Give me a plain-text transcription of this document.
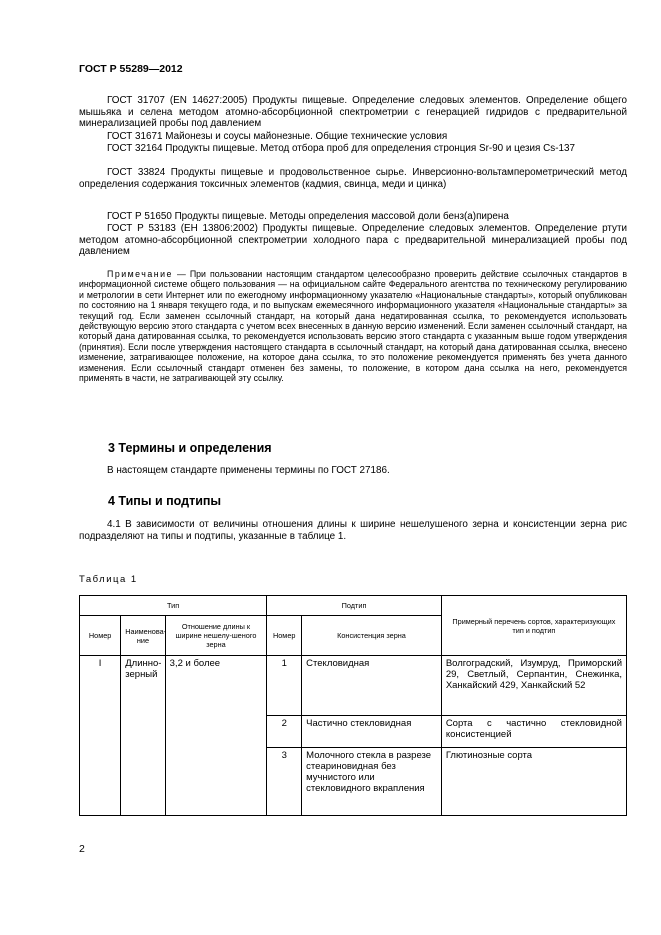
ГОСТ Р 55289—2012
ГОСТ 31707 (EN 14627:2005) Продукты пищевые. Определение следовых элементов. Определение общего мышьяка и селена методом атомно-абсорбционной спектрометрии с генерацией гидридов с предварительной минерализацией пробы под давлением
ГОСТ 31671 Майонезы и соусы майонезные. Общие технические условия
ГОСТ 32164 Продукты пищевые. Метод отбора проб для определения стронция Sr-90 и цезия Cs-137
ГОСТ 33824 Продукты пищевые и продовольственное сырье. Инверсионно-вольтамперометрический метод определения содержания токсичных элементов (кадмия, свинца, меди и цинка)
ГОСТ Р 51650 Продукты пищевые. Методы определения массовой доли бенз(а)пирена
ГОСТ Р 53183 (ЕН 13806:2002) Продукты пищевые. Определение следовых элементов. Определение ртути методом атомно-абсорбционной спектрометрии холодного пара с предварительной минерализацией пробы под давлением
Примечание — При пользовании настоящим стандартом целесообразно проверить действие ссылочных стандартов в информационной системе общего пользования — на официальном сайте Федерального агентства по техническому регулированию и метрологии в сети Интернет или по ежегодному информационному указателю «Национальные стандарты», который опубликован по состоянию на 1 января текущего года, и по выпускам ежемесячного информационного указателя «Национальные стандарты» за текущий год. Если заменен ссылочный стандарт, на который дана недатированная ссылка, то рекомендуется использовать действующую версию этого стандарта с учетом всех внесенных в данную версию изменений. Если заменен ссылочный стандарт, на который дана датированная ссылка, то рекомендуется использовать версию этого стандарта с указанным выше годом утверждения (принятия). Если после утверждения настоящего стандарта в ссылочный стандарт, на который дана датированная ссылка, внесено изменение, затрагивающее положение, на которое дана ссылка, то это положение рекомендуется применять без учета данного изменения. Если ссылочный стандарт отменен без замены, то положение, в котором дана ссылка на него, рекомендуется применять в части, не затрагивающей эту ссылку.
3 Термины и определения
В настоящем стандарте применены термины по ГОСТ 27186.
4 Типы и подтипы
4.1 В зависимости от величины отношения длины к ширине нешелушеного зерна и консистенции зерна рис подразделяют на типы и подтипы, указанные в таблице 1.
Таблица 1
Тип			Подтип		Примерный перечень сортов, характеризующих тип и подтип
Номер	Наименова-ние	Отношение длины к ширине нешелу-шеного зерна	Номер	Консистенция зерна	
I	Длинно-зерный	3,2 и более	1	Стекловидная	Волгоградский, Изумруд, Приморский 29, Светлый, Серпантин, Снежинка, Ханкайский 429, Ханкайский 52
			2	Частично стекловидная	Сорта с частично стекловидной консистенцией
			3	Молочного стекла в разрезе стеариновидная без мучнистого или стекловидного вкрапления	Глютинозные сорта
2
